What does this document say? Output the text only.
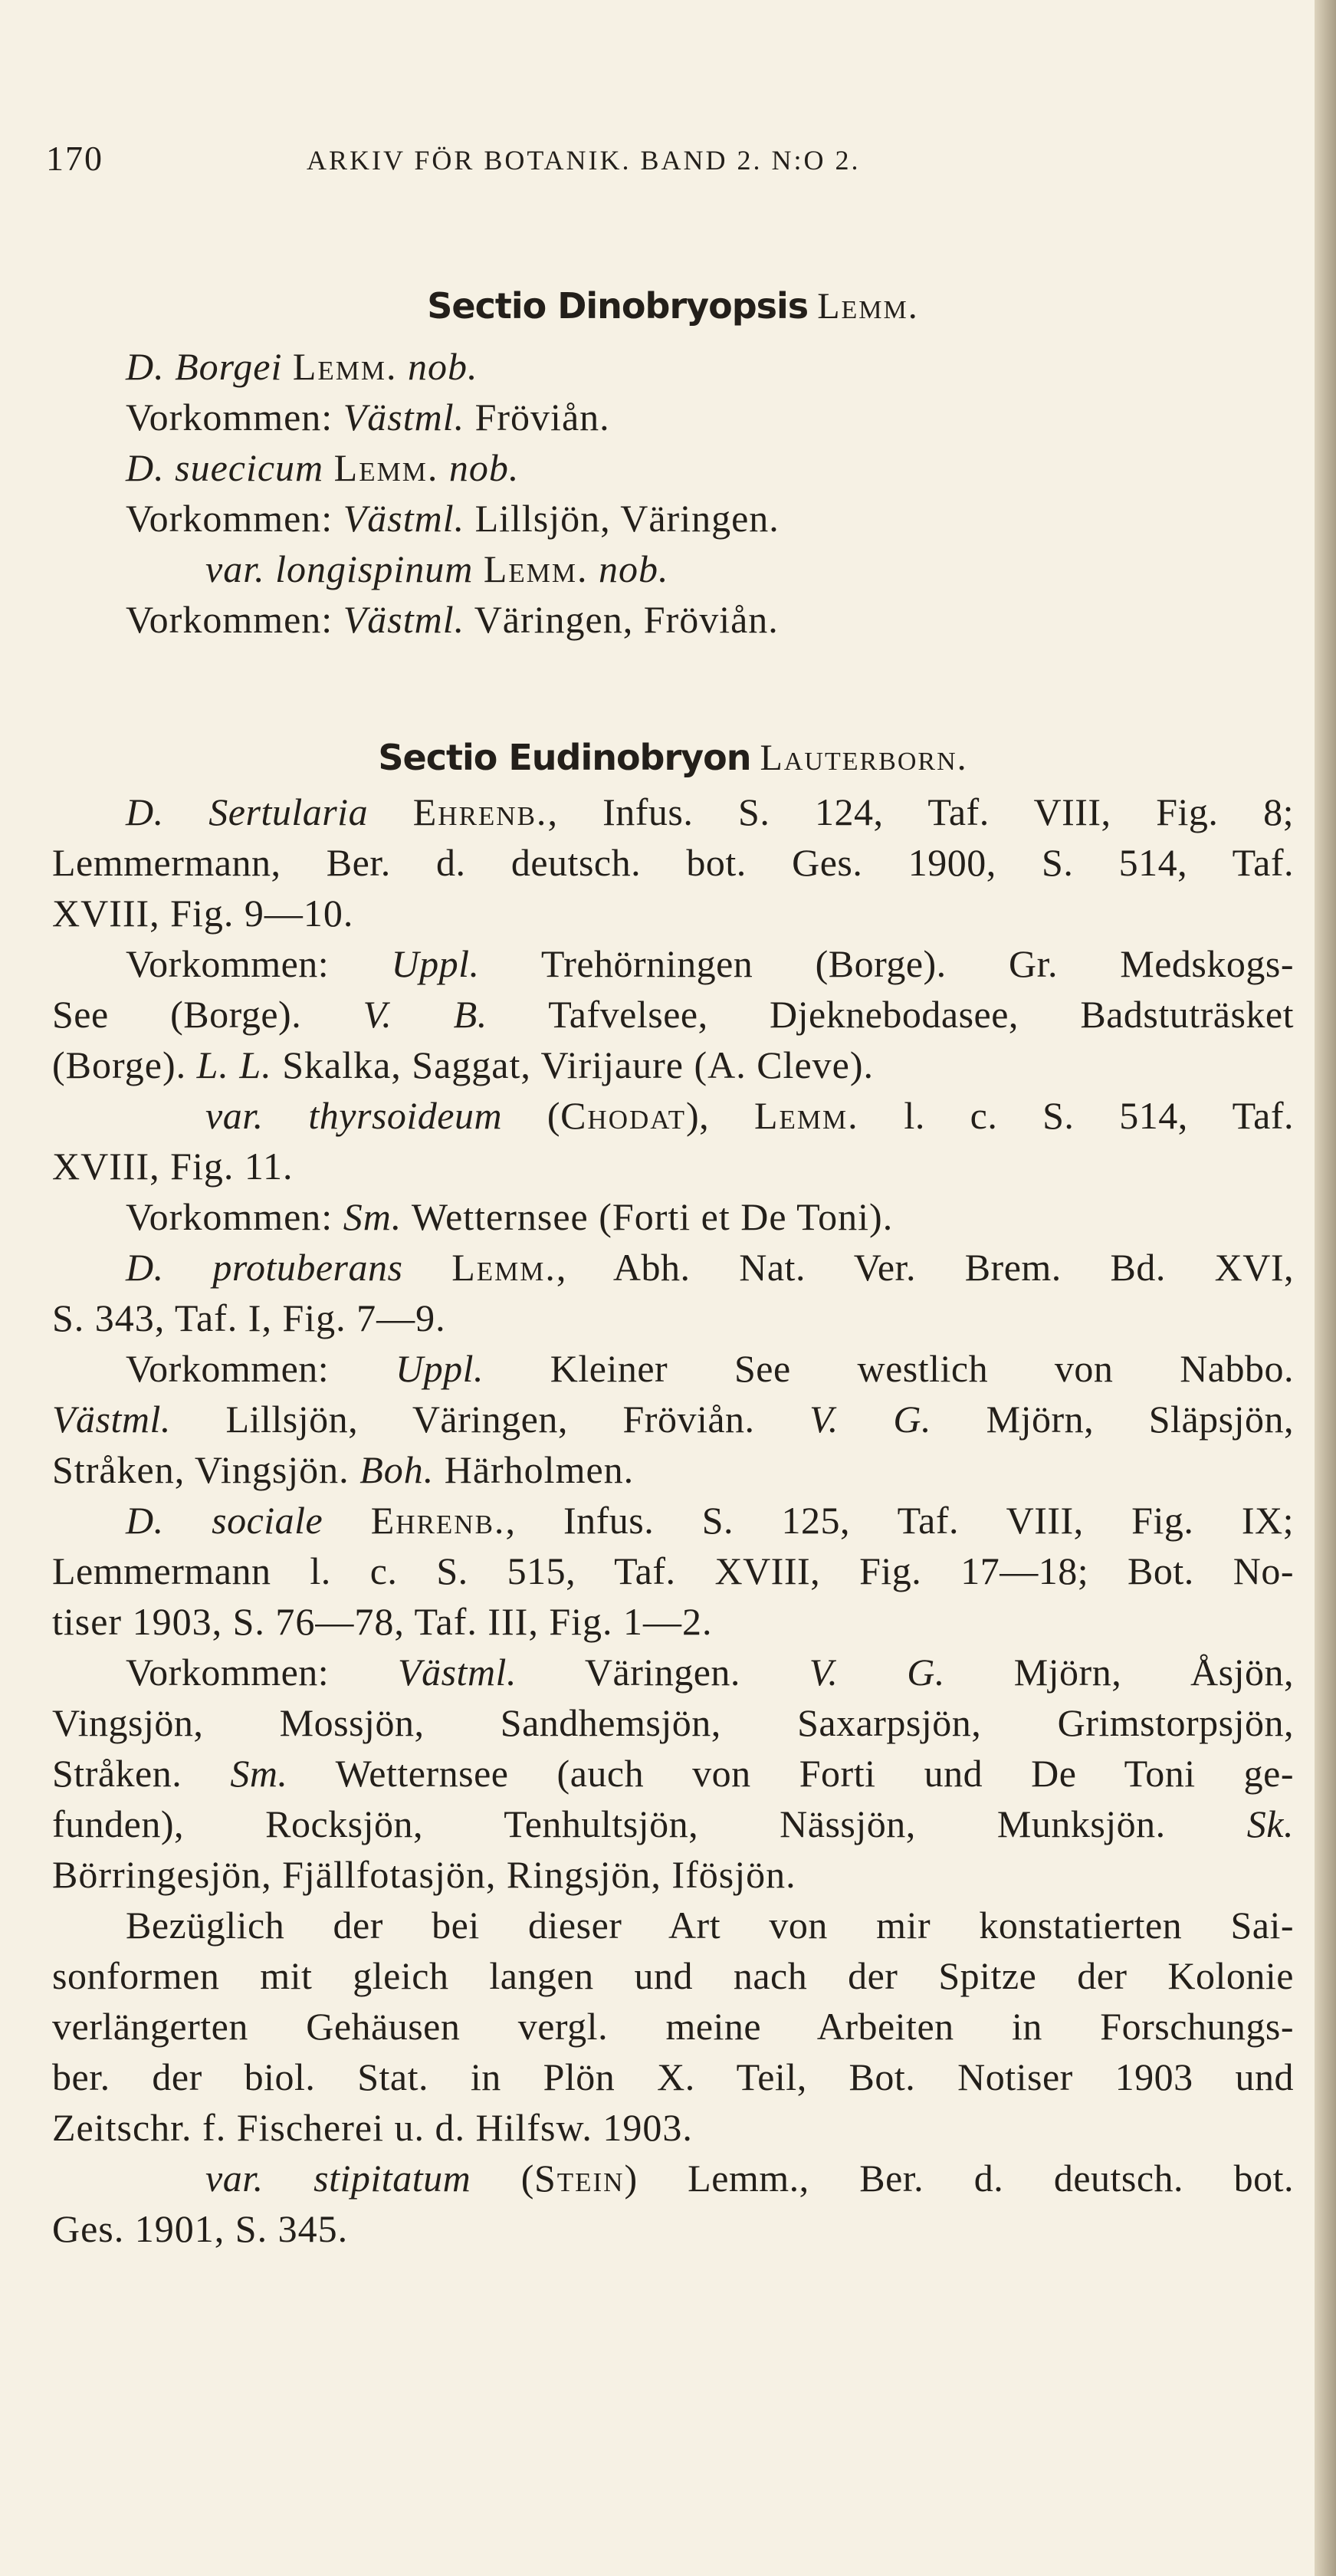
170	ARKIV FÖR BOTANIK. BAND 2. N:O 2.
Sectio Dinobryopsis Lemm.
D. Borgei Lemm. nob.
Vorkommen: Västml. Fröviån.
D. suecicum Lemm. nob.
Vorkommen: Västml. Lillsjön, Väringen.
var. longispinum Lemm. nob.
Vorkommen: Västml. Väringen, Fröviån.
Sectio Eudinobryon Lauterborn.
D. Sertularia Ehrenb., Infus. S. 124, Taf. VIII, Fig. 8;
Lemmermann, Ber. d. deutsch. bot. Ges. 1900, S. 514, Taf.
XVIII, Fig. 9—10.
Vorkommen: Uppl. Trehörningen (Borge). Gr. Medskogs-
See (Borge). V. B. Tafvelsee, Djeknebodasee, Badstuträsket
(Borge). L. L. Skalka, Saggat, Virijaure (A. Cleve).
var. thyrsoideum (Chodat), Lemm. l. c. S. 514, Taf.
XVIII, Fig. 11.
Vorkommen: Sm. Wetternsee (Forti et De Toni).
D. protuberans Lemm., Abh. Nat. Ver. Brem. Bd. XVI,
S. 343, Taf. I, Fig. 7—9.
Vorkommen: Uppl. Kleiner See westlich von Nabbo.
Västml. Lillsjön, Väringen, Fröviån. V. G. Mjörn, Släpsjön,
Stråken, Vingsjön. Boh. Härholmen.
D. sociale Ehrenb., Infus. S. 125, Taf. VIII, Fig. IX;
Lemmermann l. c. S. 515, Taf. XVIII, Fig. 17—18; Bot. No-
tiser 1903, S. 76—78, Taf. III, Fig. 1—2.
Vorkommen: Västml. Väringen. V. G. Mjörn, Åsjön,
Vingsjön, Mossjön, Sandhemsjön, Saxarpsjön, Grimstorpsjön,
Stråken. Sm. Wetternsee (auch von Forti und De Toni ge-
funden), Rocksjön, Tenhultsjön, Nässjön, Munksjön. Sk.
Börringesjön, Fjällfotasjön, Ringsjön, Ifösjön.
Bezüglich der bei dieser Art von mir konstatierten Sai-
sonformen mit gleich langen und nach der Spitze der Kolonie
verlängerten Gehäusen vergl. meine Arbeiten in Forschungs-
ber. der biol. Stat. in Plön X. Teil, Bot. Notiser 1903 und
Zeitschr. f. Fischerei u. d. Hilfsw. 1903.
var. stipitatum (Stein) Lemm., Ber. d. deutsch. bot.
Ges. 1901, S. 345.
